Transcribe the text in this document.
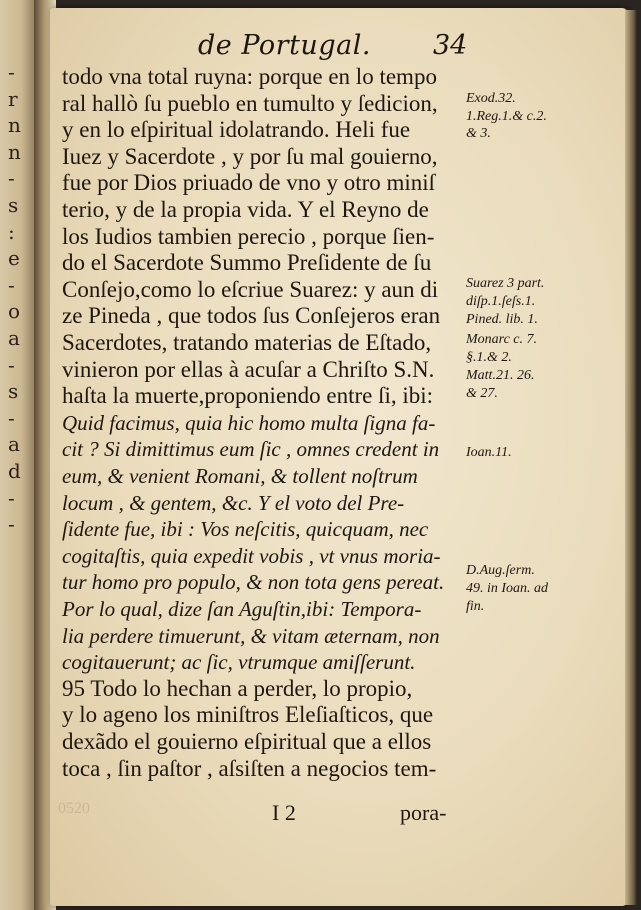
-
r
n
n
-
s
:
e
-
o
a
-
s
-
a
d
-
-
de Portugal. 34
todo vna total ruyna: porque en lo tempo
ral hallò ſu pueblo en tumulto y ſedicion,
y en lo eſpiritual idolatrando. Heli fue
Iuez y Sacerdote , y por ſu mal gouierno,
fue por Dios priuado de vno y otro miniſ
terio, y de la propia vida. Y el Reyno de
los Iudios tambien perecio , porque ſien-
do el Sacerdote Summo Preſidente de ſu
Conſejo,como lo eſcriue Suarez: y aun di
ze Pineda , que todos ſus Conſejeros eran
Sacerdotes, tratando materias de Eſtado,
vinieron por ellas à acuſar a Chriſto S.N.
haſta la muerte,proponiendo entre ſi, ibi:
Quid facimus, quia hic homo multa ſigna fa-
cit ? Si dimittimus eum ſic , omnes credent in
eum, & venient Romani, & tollent noſtrum
locum , & gentem, &c. Y el voto del Pre-
ſidente fue, ibi : Vos neſcitis, quicquam, nec
cogitaſtis, quia expedit vobis , vt vnus moria-
tur homo pro populo, & non tota gens pereat.
Por lo qual, dize ſan Aguſtin,ibi: Tempora-
lia perdere timuerunt, & vitam æternam, non
cogitauerunt; ac ſic, vtrumque amiſſerunt.
95 Todo lo hechan a perder, lo propio,
y lo ageno los miniſtros Eleſiaſticos, que
dexãdo el gouierno eſpiritual que a ellos
toca , ſin paſtor , aſsiſten a negocios tem-
Exod.32.
1.Reg.1.& c.2.
& 3.
Suarez 3 part.
diſp.1.ſeſs.1.
Pined. lib. 1.
Monarc c. 7.
§.1.& 2.
Matt.21. 26.
& 27.
Ioan.11.
D.Aug.ſerm.
49. in Ioan. ad
fin.
0520	I 2	pora-
